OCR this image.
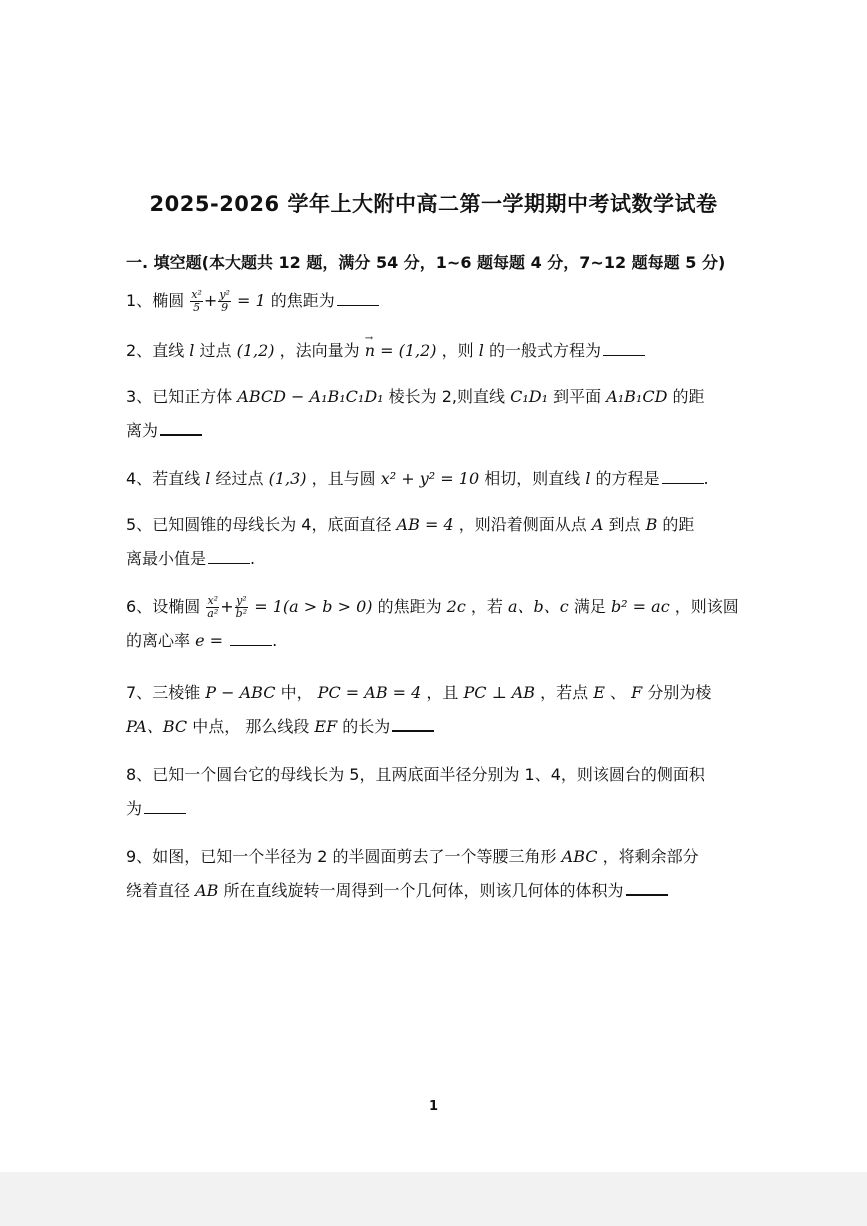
2025-2026 学年上大附中高二第一学期期中考试数学试卷
一. 填空题(本大题共 12 题，满分 54 分，1~6 题每题 4 分，7~12 题每题 5 分)
1、椭圆 $\frac{\text{x²}}{5} + \frac{\text{y²}}{9} = 1$ 的焦距为
2、直线 l 过点 (1,2) ，法向量为 → n = (1,2) ，则 l 的一般式方程为
3、已知正方体 ABCD − A₁B₁C₁D₁ 棱长为 2,则直线 C₁D₁ 到平面 A₁B₁CD 的距
离为
4、若直线 l 经过点 (1,3) ，且与圆 x² + y² = 10 相切，则直线 l 的方程是	.
5、已知圆锥的母线长为 4，底面直径 AB = 4 ，则沿着侧面从点 A 到点 B 的距
离最小值是	.
6、设椭圆 $\frac{\text{x²}}{\text{a²}} + \frac{\text{y²}}{\text{b²}} = 1(a > b > 0)$ 的焦距为 2c ，若 a、b、c 满足 b² = ac ，则该圆
的离心率 e =	.
7、三棱锥 P − ABC 中， PC = AB = 4 ，且 PC ⊥ AB ，若点 E 、 F 分别为棱
PA、BC 中点， 那么线段 EF 的长为
8、已知一个圆台它的母线长为 5，且两底面半径分别为 1、4，则该圆台的侧面积
为
9、如图，已知一个半径为 2 的半圆面剪去了一个等腰三角形 ABC ，将剩余部分
绕着直径 AB 所在直线旋转一周得到一个几何体，则该几何体的体积为
1
